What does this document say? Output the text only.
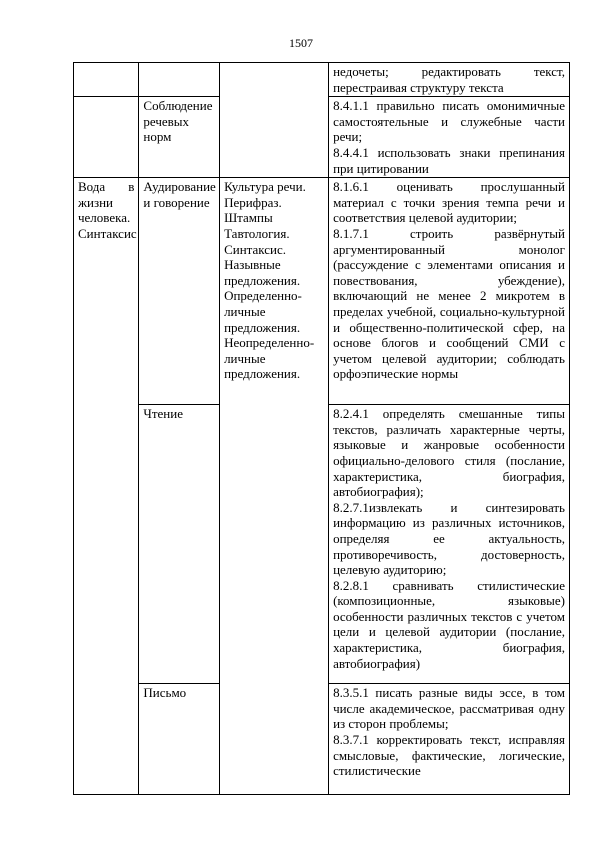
1507

			недочеты; редактировать текст, перестраивая структуру текста

	Соблюдение речевых норм		8.4.1.1 правильно писать омонимичные самостоятельные и служебные части речи;
8.4.4.1 использовать знаки препинания при цитировании

Вода в жизни человека. Синтаксис	Аудирование и говорение	Культура речи. Перифраз. Штампы Тавтология. Синтаксис. Назывные предложения. Определенно-личные предложения. Неопределенно-личные предложения.	8.1.6.1 оценивать прослушанный материал с точки зрения темпа речи и соответствия целевой аудитории;
8.1.7.1 строить развёрнутый аргументированный монолог (рассуждение с элементами описания и повествования, убеждение), включающий не менее 2 микротем в пределах учебной, социально-культурной и общественно-политической сфер, на основе блогов и сообщений СМИ с учетом целевой аудитории; соблюдать орфоэпические нормы

	Чтение		8.2.4.1 определять смешанные типы текстов, различать характерные черты, языковые и жанровые особенности официально-делового стиля (послание, характеристика, биография, автобиография);
8.2.7.1извлекать и синтезировать информацию из различных источников, определяя ее актуальность, противоречивость, достоверность, целевую аудиторию;
8.2.8.1 сравнивать стилистические (композиционные, языковые) особенности различных текстов с учетом цели и целевой аудитории (послание, характеристика, биография, автобиография)

	Письмо		8.3.5.1 писать разные виды эссе, в том числе академическое, рассматривая одну из сторон проблемы;
8.3.7.1 корректировать текст, исправляя смысловые, фактические, логические, стилистические
